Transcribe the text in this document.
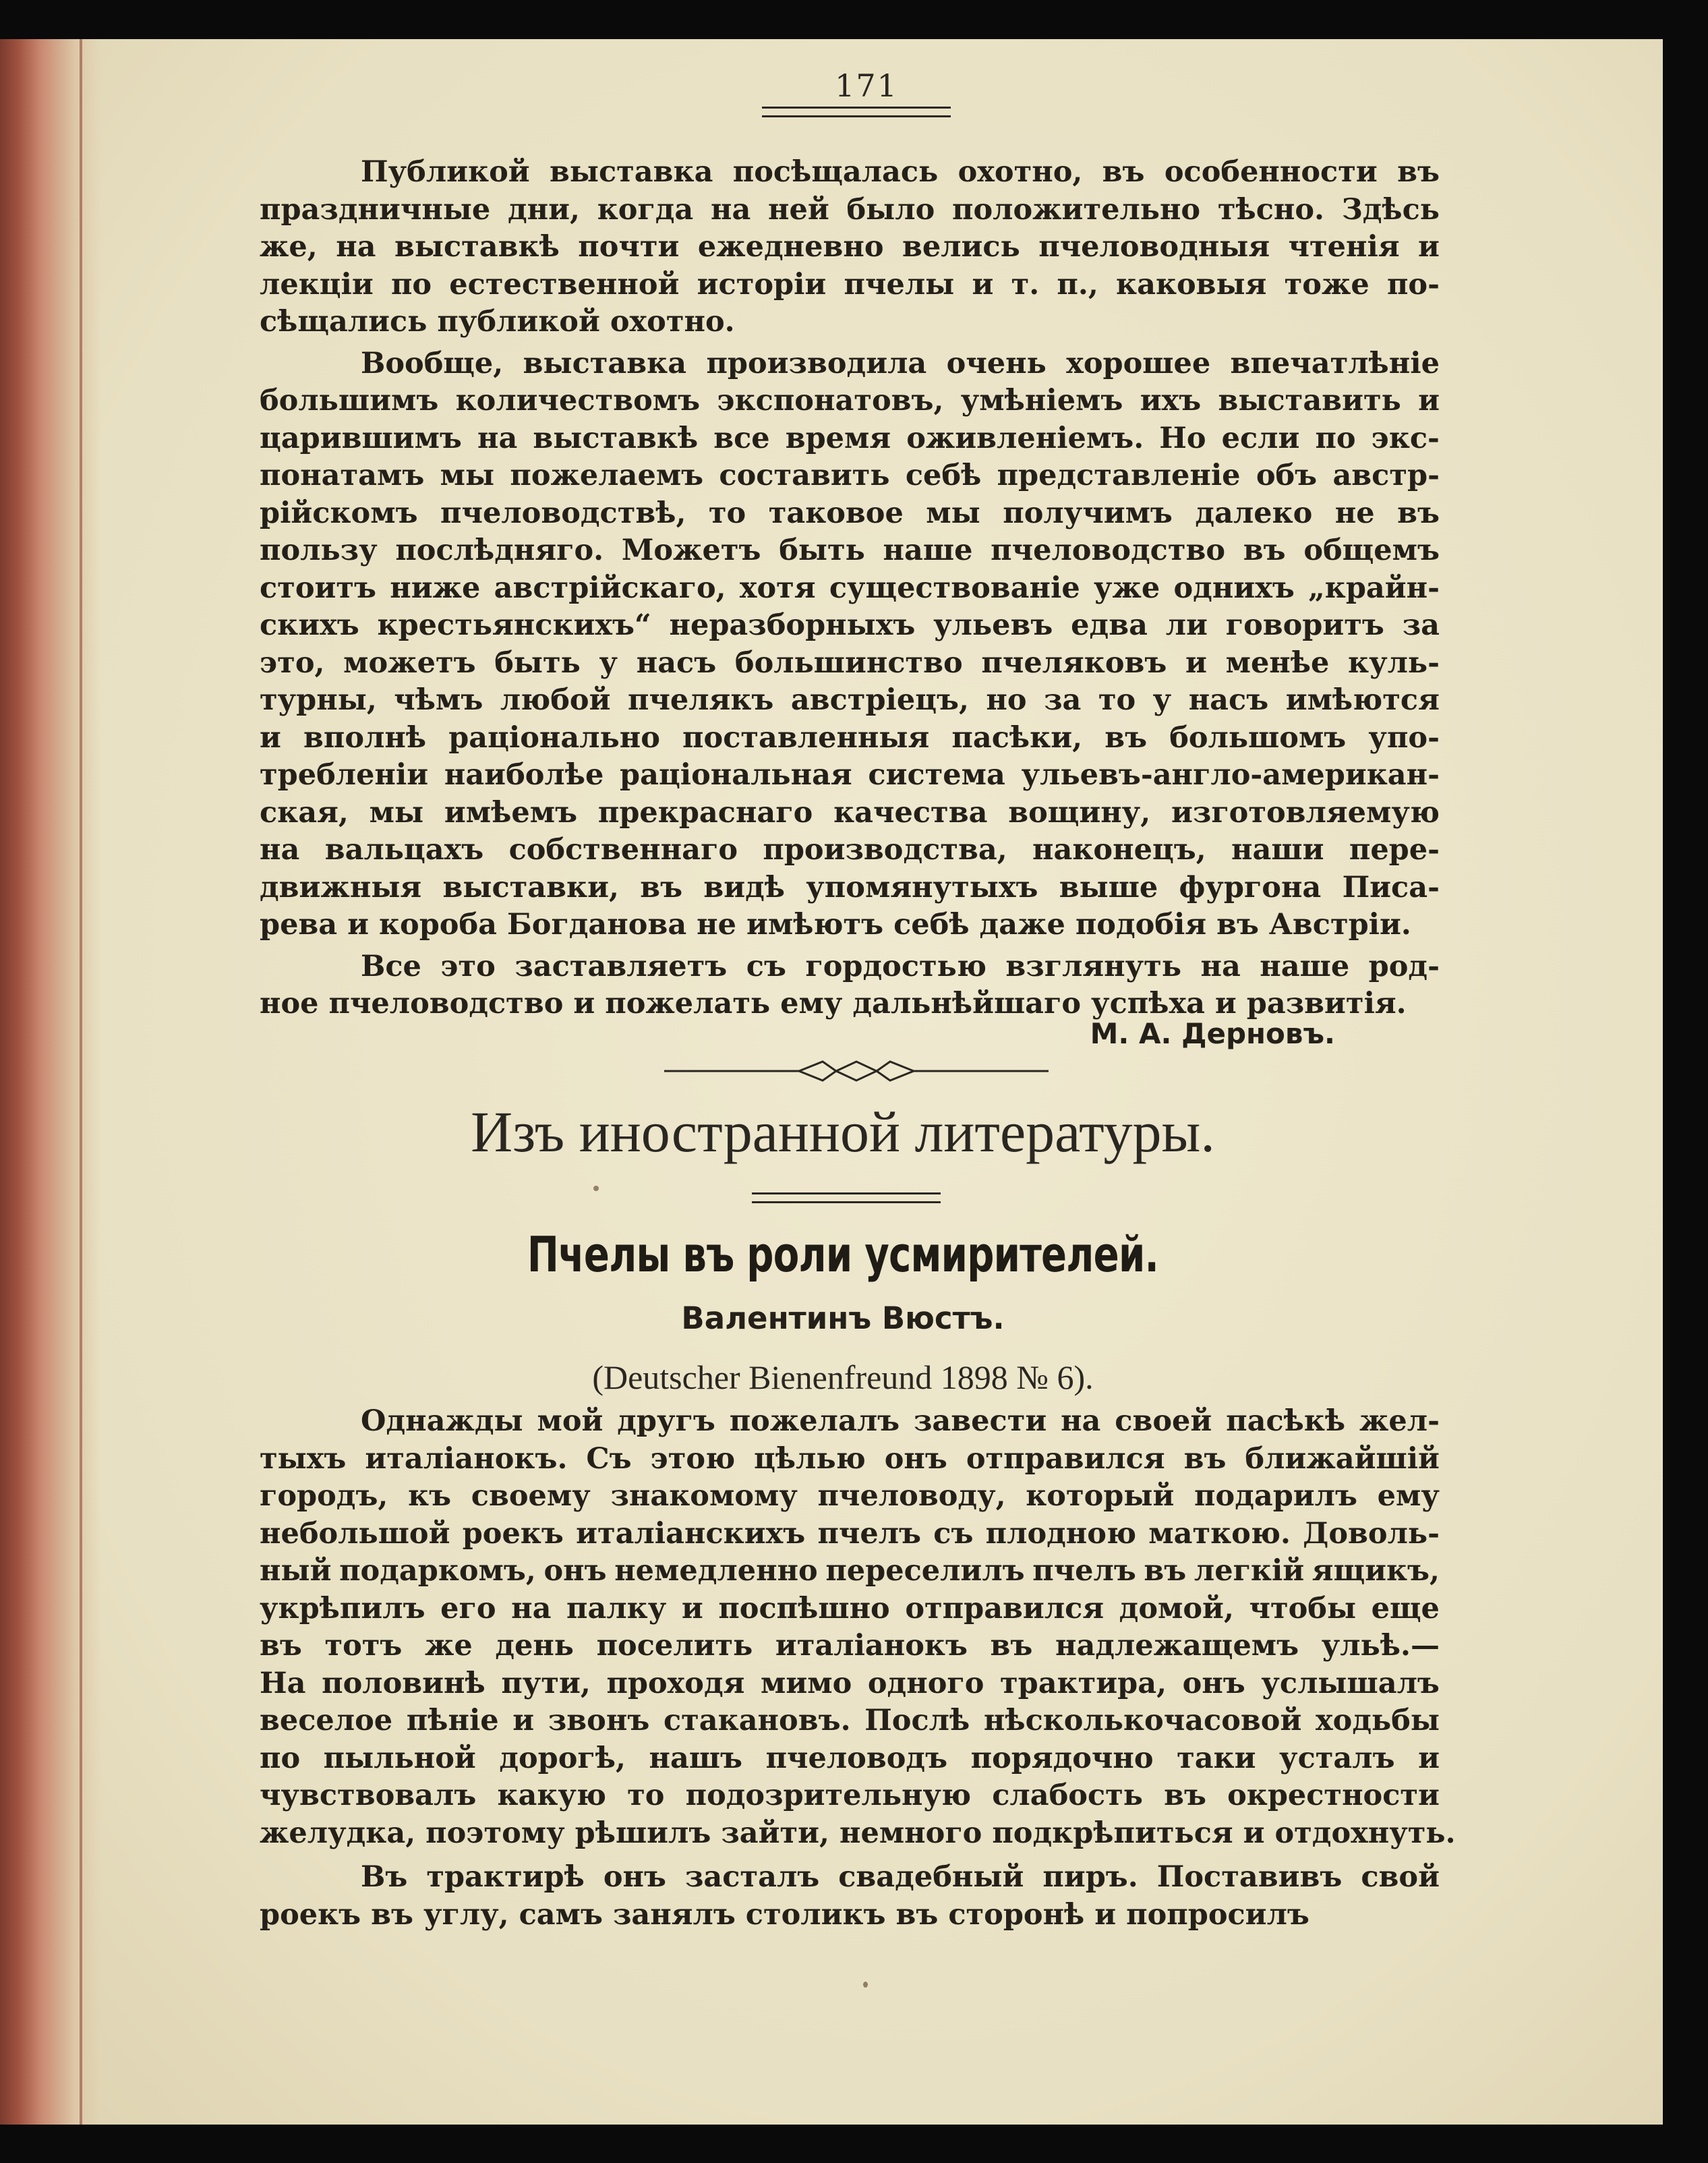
171
Публикой выставка посѣщалась охотно, въ особенности въ
праздничные дни, когда на ней было положительно тѣсно. Здѣсь
же, на выставкѣ почти ежедневно велись пчеловодныя чтенія и
лекціи по естественной исторіи пчелы и т. п., каковыя тоже по-
сѣщались публикой охотно.
Вообще, выставка производила очень хорошее впечатлѣніе
большимъ количествомъ экспонатовъ, умѣніемъ ихъ выставить и
царившимъ на выставкѣ все время оживленіемъ. Но если по экс-
понатамъ мы пожелаемъ составить себѣ представленіе объ австр-
рійскомъ пчеловодствѣ, то таковое мы получимъ далеко не въ
пользу послѣдняго. Можетъ быть наше пчеловодство въ общемъ
стоитъ ниже австрійскаго, хотя существованіе уже однихъ „крайн-
скихъ крестьянскихъ“ неразборныхъ ульевъ едва ли говоритъ за
это, можетъ быть у насъ большинство пчеляковъ и менѣе куль-
турны, чѣмъ любой пчелякъ австріецъ, но за то у насъ имѣются
и вполнѣ раціонально поставленныя пасѣки, въ большомъ упо-
требленіи наиболѣе раціональная система ульевъ-англо-американ-
ская, мы имѣемъ прекраснаго качества вощину, изготовляемую
на вальцахъ собственнаго производства, наконецъ, наши пере-
движныя выставки, въ видѣ упомянутыхъ выше фургона Писа-
рева и короба Богданова не имѣютъ себѣ даже подобія въ Австріи.
Все это заставляетъ съ гордостью взглянуть на наше род-
ное пчеловодство и пожелать ему дальнѣйшаго успѣха и развитія.
М. А. Дерновъ.
Изъ иностранной литературы.
Пчелы въ роли усмирителей.
Валентинъ Вюстъ.
(Deutscher Bienenfreund 1898 № 6).
Однажды мой другъ пожелалъ завести на своей пасѣкѣ жел-
тыхъ италіанокъ. Съ этою цѣлью онъ отправился въ ближайшій
городъ, къ своему знакомому пчеловоду, который подарилъ ему
небольшой роекъ италіанскихъ пчелъ съ плодною маткою. Доволь-
ный подаркомъ, онъ немедленно переселилъ пчелъ въ легкій ящикъ,
укрѣпилъ его на палку и поспѣшно отправился домой, чтобы еще
въ тотъ же день поселить италіанокъ въ надлежащемъ ульѣ.—
На половинѣ пути, проходя мимо одного трактира, онъ услышалъ
веселое пѣніе и звонъ стакановъ. Послѣ нѣсколькочасовой ходьбы
по пыльной дорогѣ, нашъ пчеловодъ порядочно таки усталъ и
чувствовалъ какую то подозрительную слабость въ окрестности
желудка, поэтому рѣшилъ зайти, немного подкрѣпиться и отдохнуть.
Въ трактирѣ онъ засталъ свадебный пиръ. Поставивъ свой
роекъ въ углу, самъ занялъ столикъ въ сторонѣ и попросилъ
